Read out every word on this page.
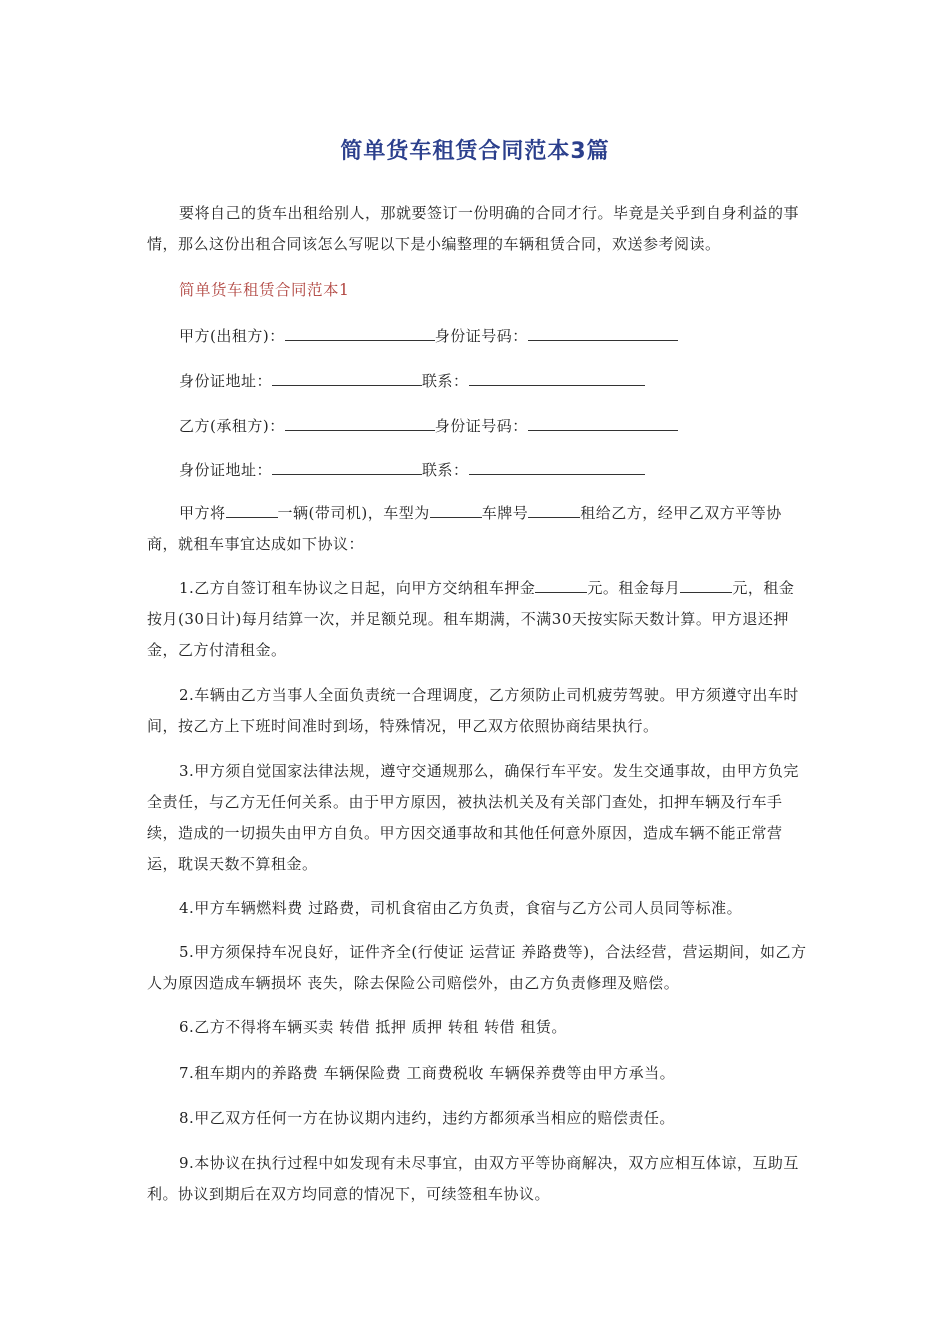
简单货车租赁合同范本3篇

要将自己的货车出租给别人，那就要签订一份明确的合同才行。毕竟是关乎到自身利益的事情，那么这份出租合同该怎么写呢以下是小编整理的车辆租赁合同，欢送参考阅读。

简单货车租赁合同范本1
甲方(出租方)：	身份证号码：
身份证地址：	联系：
乙方(承租方)：	身份证号码：
身份证地址：	联系：

甲方将	一辆(带司机)，车型为	车牌号	租给乙方，经甲乙双方平等协商，就租车事宜达成如下协议：

1.乙方自签订租车协议之日起，向甲方交纳租车押金	元。租金每月	元，租金按月(30日计)每月结算一次，并足额兑现。租车期满，不满30天按实际天数计算。甲方退还押金，乙方付清租金。

2.车辆由乙方当事人全面负责统一合理调度，乙方须防止司机疲劳驾驶。甲方须遵守出车时间，按乙方上下班时间准时到场，特殊情况，甲乙双方依照协商结果执行。

3.甲方须自觉国家法律法规，遵守交通规那么，确保行车平安。发生交通事故，由甲方负完全责任，与乙方无任何关系。由于甲方原因，被执法机关及有关部门查处，扣押车辆及行车手续，造成的一切损失由甲方自负。甲方因交通事故和其他任何意外原因，造成车辆不能正常营运，耽误天数不算租金。

4.甲方车辆燃料费 过路费，司机食宿由乙方负责，食宿与乙方公司人员同等标准。

5.甲方须保持车况良好，证件齐全(行使证 运营证 养路费等)，合法经营，营运期间，如乙方人为原因造成车辆损坏 丧失，除去保险公司赔偿外，由乙方负责修理及赔偿。

6.乙方不得将车辆买卖 转借 抵押 质押 转租 转借 租赁。

7.租车期内的养路费 车辆保险费 工商费税收 车辆保养费等由甲方承当。

8.甲乙双方任何一方在协议期内违约，违约方都须承当相应的赔偿责任。

9.本协议在执行过程中如发现有未尽事宜，由双方平等协商解决，双方应相互体谅，互助互利。协议到期后在双方均同意的情况下，可续签租车协议。
